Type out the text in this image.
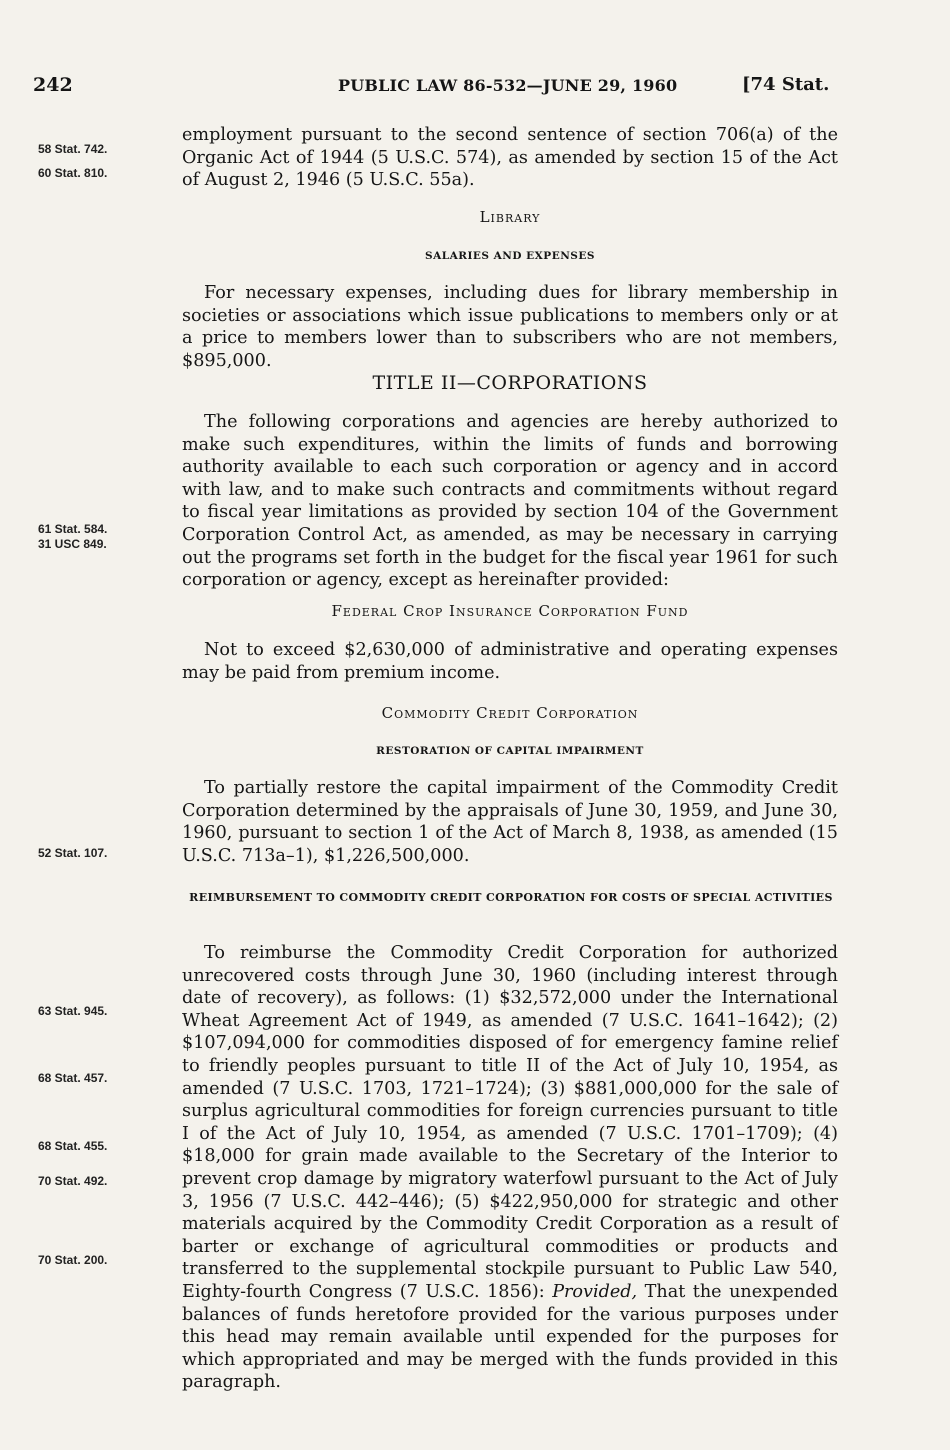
242	PUBLIC LAW 86-532—JUNE 29, 1960	[74 Stat.
58 Stat. 742.
60 Stat. 810.
61 Stat. 584.
31 USC 849.
52 Stat. 107.
63 Stat. 945.
68 Stat. 457.
68 Stat. 455.
70 Stat. 492.
70 Stat. 200.

employment pursuant to the second sentence of section 706(a) of the Organic Act of 1944 (5 U.S.C. 574), as amended by section 15 of the Act of August 2, 1946 (5 U.S.C. 55a).

Library
SALARIES AND EXPENSES

For necessary expenses, including dues for library membership in societies or associations which issue publications to members only or at a price to members lower than to subscribers who are not members, $895,000.

TITLE II—CORPORATIONS

The following corporations and agencies are hereby authorized to make such expenditures, within the limits of funds and borrowing authority available to each such corporation or agency and in accord with law, and to make such contracts and commitments without regard to fiscal year limitations as provided by section 104 of the Government Corporation Control Act, as amended, as may be necessary in carrying out the programs set forth in the budget for the fiscal year 1961 for such corporation or agency, except as hereinafter provided:

Federal Crop Insurance Corporation Fund

Not to exceed $2,630,000 of administrative and operating expenses may be paid from premium income.

Commodity Credit Corporation
RESTORATION OF CAPITAL IMPAIRMENT

To partially restore the capital impairment of the Commodity Credit Corporation determined by the appraisals of June 30, 1959, and June 30, 1960, pursuant to section 1 of the Act of March 8, 1938, as amended (15 U.S.C. 713a–1), $1,226,500,000.

REIMBURSEMENT TO COMMODITY CREDIT CORPORATION FOR COSTS OF SPECIAL ACTIVITIES

To reimburse the Commodity Credit Corporation for authorized unrecovered costs through June 30, 1960 (including interest through date of recovery), as follows: (1) $32,572,000 under the International Wheat Agreement Act of 1949, as amended (7 U.S.C. 1641–1642); (2) $107,094,000 for commodities disposed of for emergency famine relief to friendly peoples pursuant to title II of the Act of July 10, 1954, as amended (7 U.S.C. 1703, 1721–1724); (3) $881,000,000 for the sale of surplus agricultural commodities for foreign currencies pursuant to title I of the Act of July 10, 1954, as amended (7 U.S.C. 1701–1709); (4) $18,000 for grain made available to the Secretary of the Interior to prevent crop damage by migratory waterfowl pursuant to the Act of July 3, 1956 (7 U.S.C. 442–446); (5) $422,950,000 for strategic and other materials acquired by the Commodity Credit Corporation as a result of barter or exchange of agricultural commodities or products and transferred to the supplemental stockpile pursuant to Public Law 540, Eighty-fourth Congress (7 U.S.C. 1856): Provided, That the unexpended balances of funds heretofore provided for the various purposes under this head may remain available until expended for the purposes for which appropriated and may be merged with the funds provided in this paragraph.
